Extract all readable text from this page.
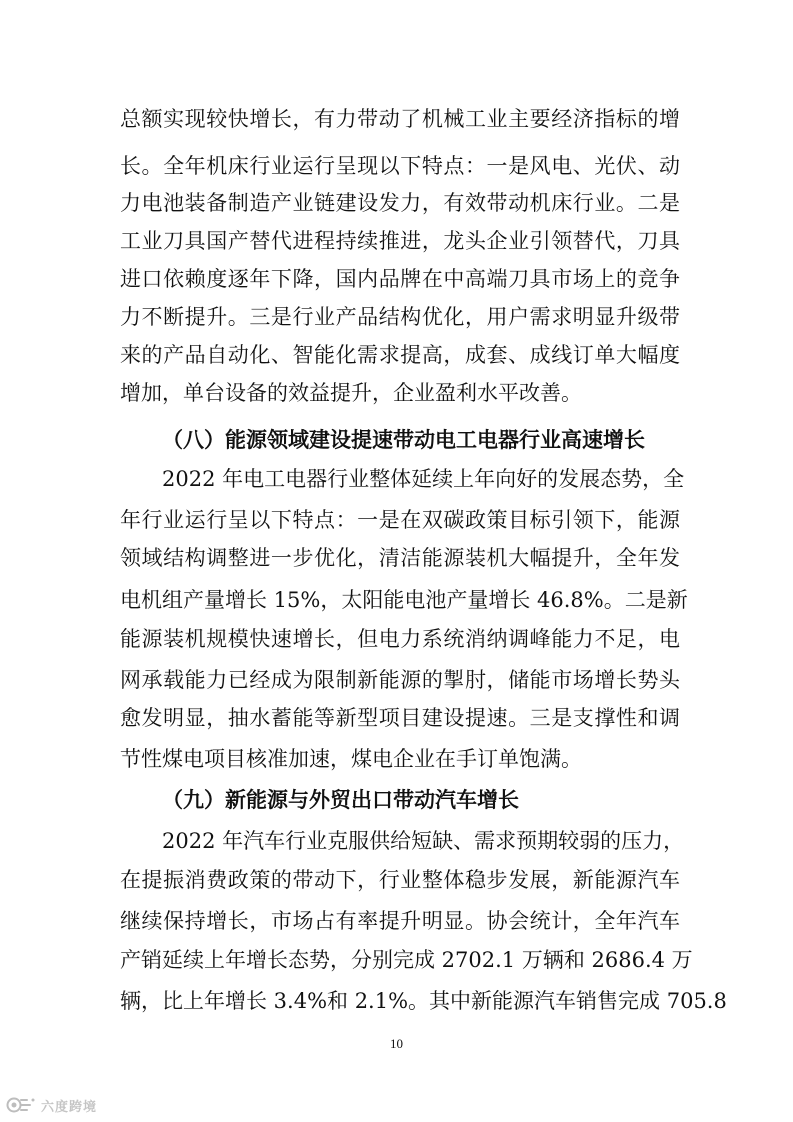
总额实现较快增长，有力带动了机械工业主要经济指标的增
长。全年机床行业运行呈现以下特点：一是风电、光伏、动
力电池装备制造产业链建设发力，有效带动机床行业。二是
工业刀具国产替代进程持续推进，龙头企业引领替代，刀具
进口依赖度逐年下降，国内品牌在中高端刀具市场上的竞争
力不断提升。三是行业产品结构优化，用户需求明显升级带
来的产品自动化、智能化需求提高，成套、成线订单大幅度
增加，单台设备的效益提升，企业盈利水平改善。
（八）能源领域建设提速带动电工电器行业高速增长
2022 年电工电器行业整体延续上年向好的发展态势，全
年行业运行呈以下特点：一是在双碳政策目标引领下，能源
领域结构调整进一步优化，清洁能源装机大幅提升，全年发
电机组产量增长 15%，太阳能电池产量增长 46.8%。二是新
能源装机规模快速增长，但电力系统消纳调峰能力不足，电
网承载能力已经成为限制新能源的掣肘，储能市场增长势头
愈发明显，抽水蓄能等新型项目建设提速。三是支撑性和调
节性煤电项目核准加速，煤电企业在手订单饱满。
（九）新能源与外贸出口带动汽车增长
2022 年汽车行业克服供给短缺、需求预期较弱的压力，
在提振消费政策的带动下，行业整体稳步发展，新能源汽车
继续保持增长，市场占有率提升明显。协会统计，全年汽车
产销延续上年增长态势，分别完成 2702.1 万辆和 2686.4 万
辆，比上年增长 3.4%和 2.1%。其中新能源汽车销售完成 705.8
10
六度跨境
